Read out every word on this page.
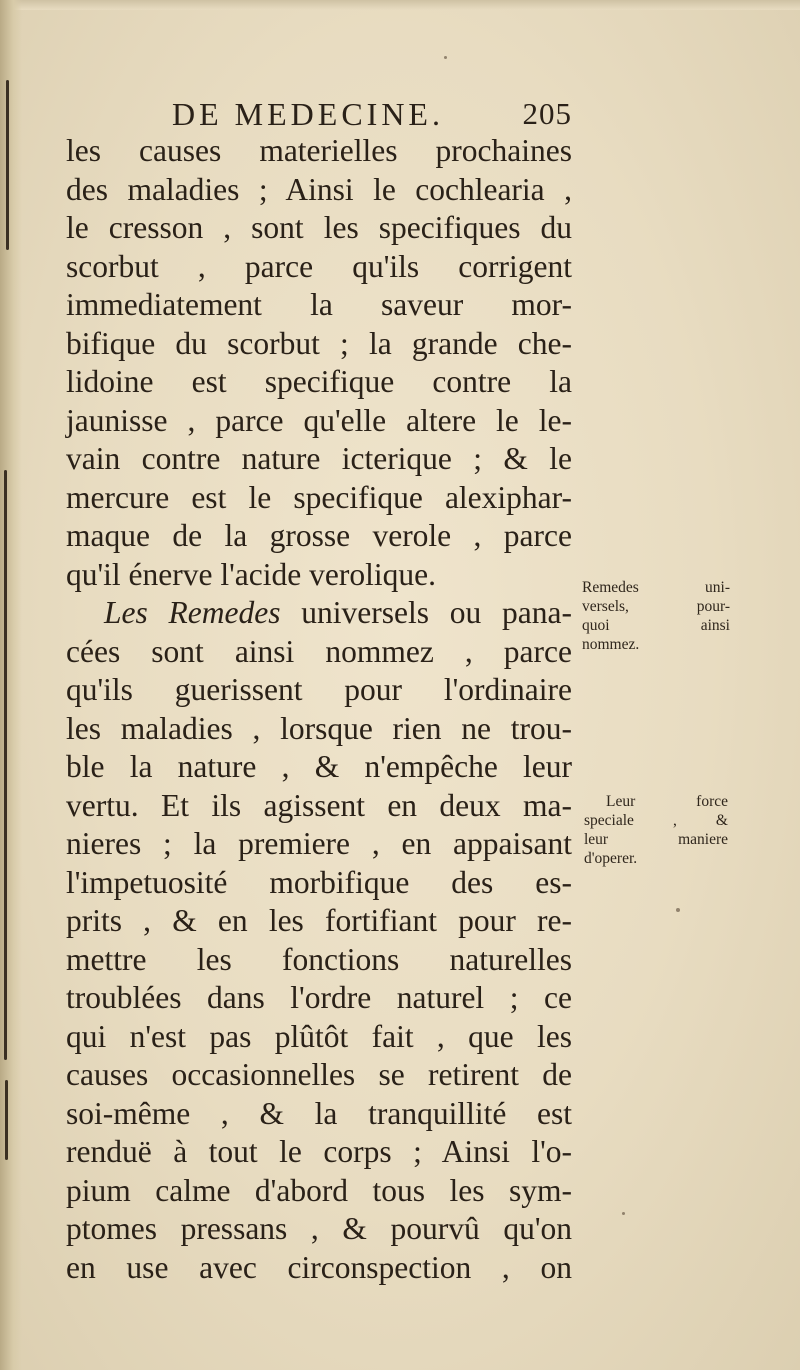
DE MEDECINE.	205
les causes materielles prochaines
des maladies ; Ainsi le cochlearia ,
le cresson , sont les specifiques du
scorbut , parce qu'ils corrigent
immediatement la saveur mor-
bifique du scorbut ; la grande che-
lidoine est specifique contre la
jaunisse , parce qu'elle altere le le-
vain contre nature icterique ; & le
mercure est le specifique alexiphar-
maque de la grosse verole , parce
qu'il énerve l'acide verolique.
Les Remedes universels ou pana-
cées sont ainsi nommez , parce
qu'ils guerissent pour l'ordinaire
les maladies , lorsque rien ne trou-
ble la nature , & n'empêche leur
vertu. Et ils agissent en deux ma-
nieres ; la premiere , en appaisant
l'impetuosité morbifique des es-
prits , & en les fortifiant pour re-
mettre les fonctions naturelles
troublées dans l'ordre naturel ; ce
qui n'est pas plûtôt fait , que les
causes occasionnelles se retirent de
soi-même , & la tranquillité est
renduë à tout le corps ; Ainsi l'o-
pium calme d'abord tous les sym-
ptomes pressans , & pourvû qu'on
en use avec circonspection , on
Remedes uni-
versels, pour-
quoi ainsi
nommez.
Leur force
speciale , &
leur maniere
d'operer.
